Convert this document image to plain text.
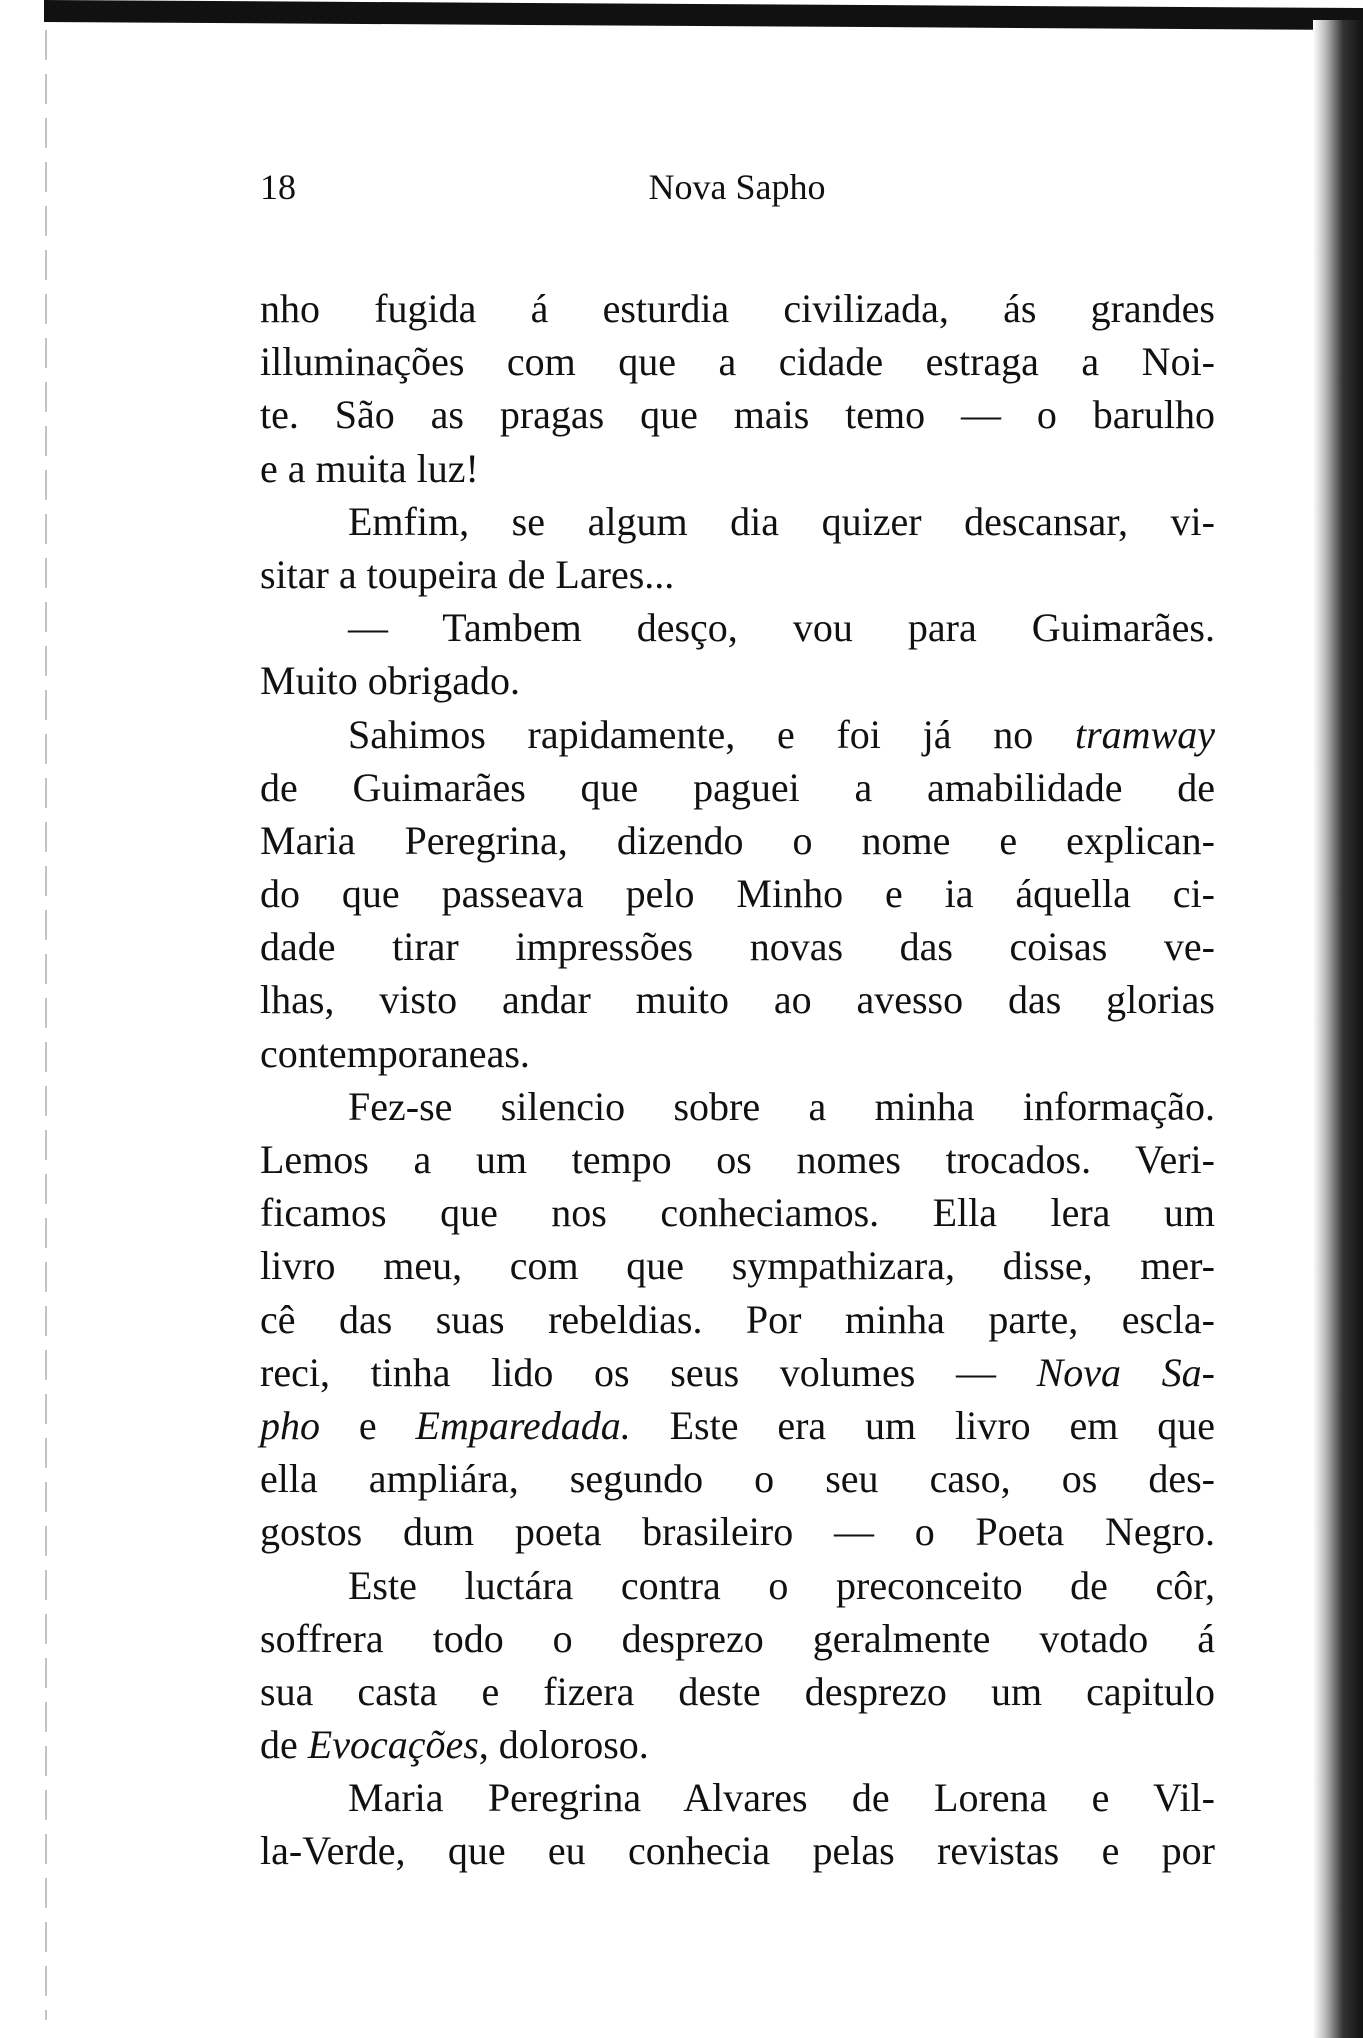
18	Nova Sapho
nho fugida á esturdia civilizada, ás grandes
illuminações com que a cidade estraga a Noi-
te. São as pragas que mais temo — o barulho
e a muita luz!
Emfim, se algum dia quizer descansar, vi-
sitar a toupeira de Lares...
— Tambem desço, vou para Guimarães.
Muito obrigado.
Sahimos rapidamente, e foi já no tramway
de Guimarães que paguei a amabilidade de
Maria Peregrina, dizendo o nome e explican-
do que passeava pelo Minho e ia áquella ci-
dade tirar impressões novas das coisas ve-
lhas, visto andar muito ao avesso das glorias
contemporaneas.
Fez-se silencio sobre a minha informação.
Lemos a um tempo os nomes trocados. Veri-
ficamos que nos conheciamos. Ella lera um
livro meu, com que sympathizara, disse, mer-
cê das suas rebeldias. Por minha parte, escla-
reci, tinha lido os seus volumes — Nova Sa-
pho e Emparedada. Este era um livro em que
ella ampliára, segundo o seu caso, os des-
gostos dum poeta brasileiro — o Poeta Negro.
Este luctára contra o preconceito de côr,
soffrera todo o desprezo geralmente votado á
sua casta e fizera deste desprezo um capitulo
de Evocações, doloroso.
Maria Peregrina Alvares de Lorena e Vil-
la-Verde, que eu conhecia pelas revistas e por
